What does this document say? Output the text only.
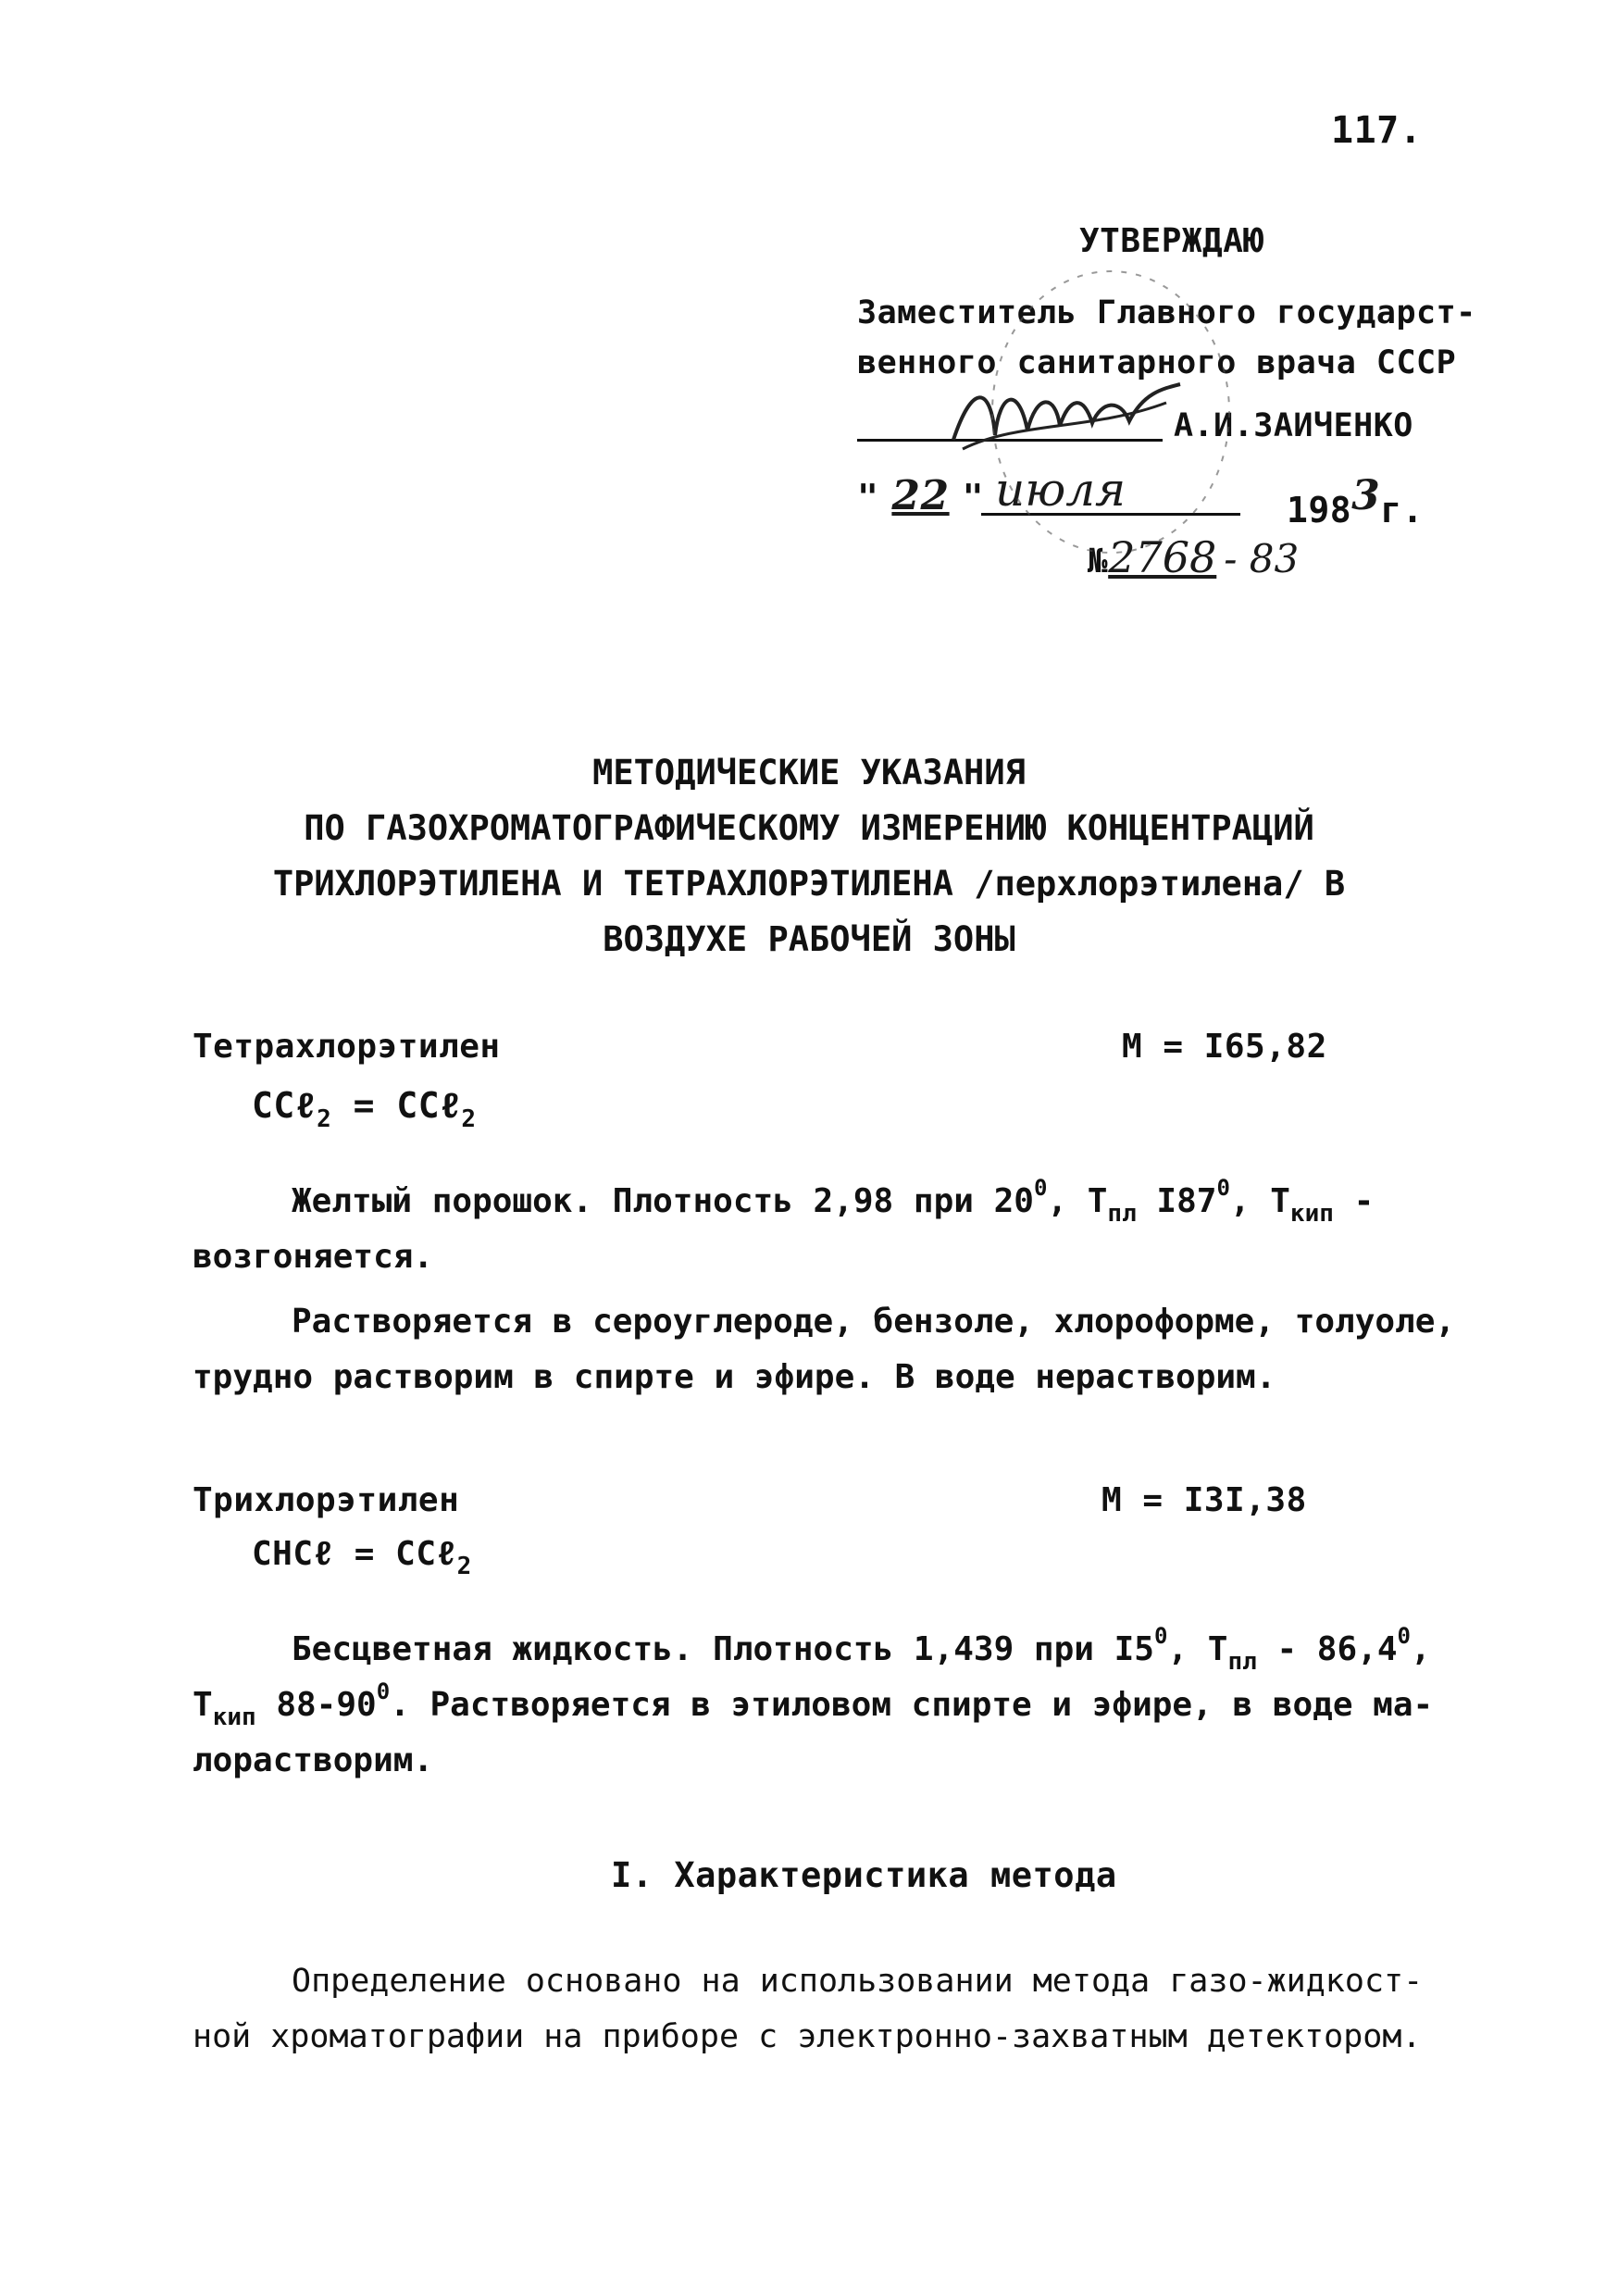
117.
УТВЕРЖДАЮ
Заместитель Главного государст-
венного санитарного врача СССР
А.И.ЗАИЧЕНКО
" 22 " июля	1983г.
№2768 - 83
МЕТОДИЧЕСКИЕ УКАЗАНИЯ
ПО ГАЗОХРОМАТОГРАФИЧЕСКОМУ ИЗМЕРЕНИЮ КОНЦЕНТРАЦИЙ
ТРИХЛОРЭТИЛЕНА И ТЕТРАХЛОРЭТИЛЕНА /перхлорэтилена/ В
ВОЗДУХЕ РАБОЧЕЙ ЗОНЫ
Тетрахлорэтилен	М = I65,82
CCℓ$_2$ = CCℓ$_2$
Желтый порошок. Плотность 2,98 при $20^0$, $T_{пл}$ $I87^0$, $T_{кип}$ -
возгоняется.
Растворяется в сероуглероде, бензоле, хлороформе, толуоле,
трудно растворим в спирте и эфире. В воде нерастворим.
Трихлорэтилен	М = I3I,38
CHCℓ = CCℓ$_2$
Бесцветная жидкость. Плотность 1,439 при $I5^0$, $T_{пл} - 86,4^0$,
$T_{кип}$ $88-90^0$. Растворяется в этиловом спирте и эфире, в воде ма-
лорастворим.
I. Характеристика метода
Определение основано на использовании метода газо-жидкост-
ной хроматографии на приборе с электронно-захватным детектором.
